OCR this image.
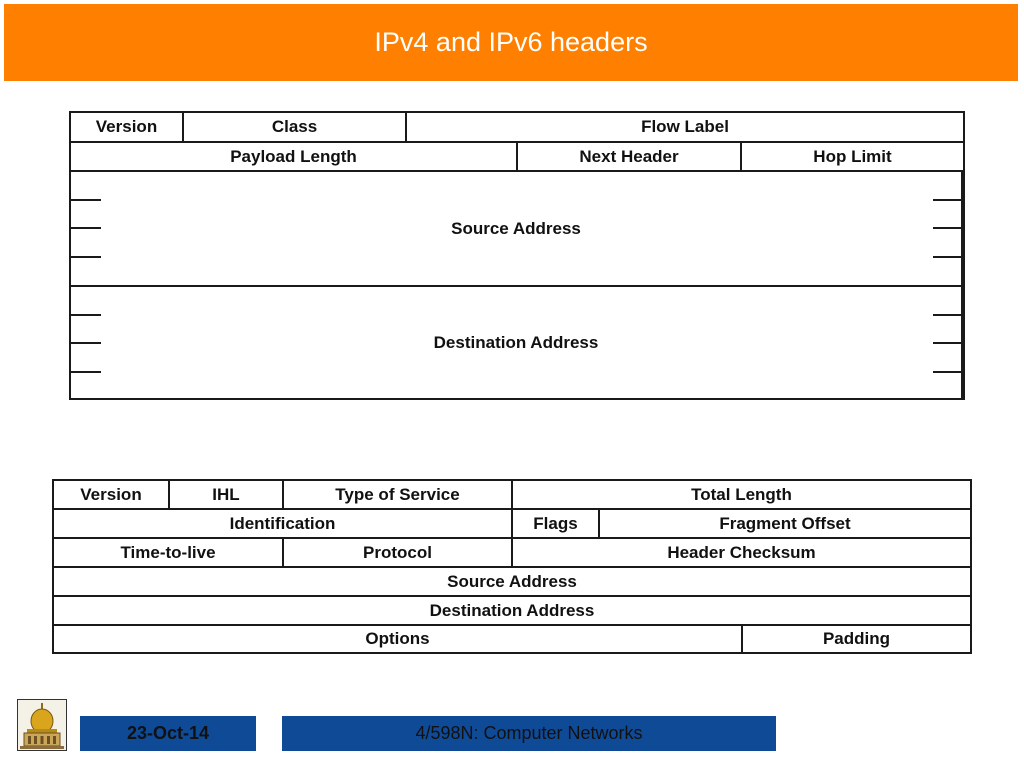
IPv4 and IPv6 headers
Version	Class	Flow Label
Payload Length	Next Header	Hop Limit
Source Address
Destination Address
Version	IHL	Type of Service	Total Length
Identification	Flags	Fragment Offset
Time-to-live	Protocol	Header Checksum
Source Address
Destination Address
Options	Padding
23-Oct-14	4/598N: Computer Networks
